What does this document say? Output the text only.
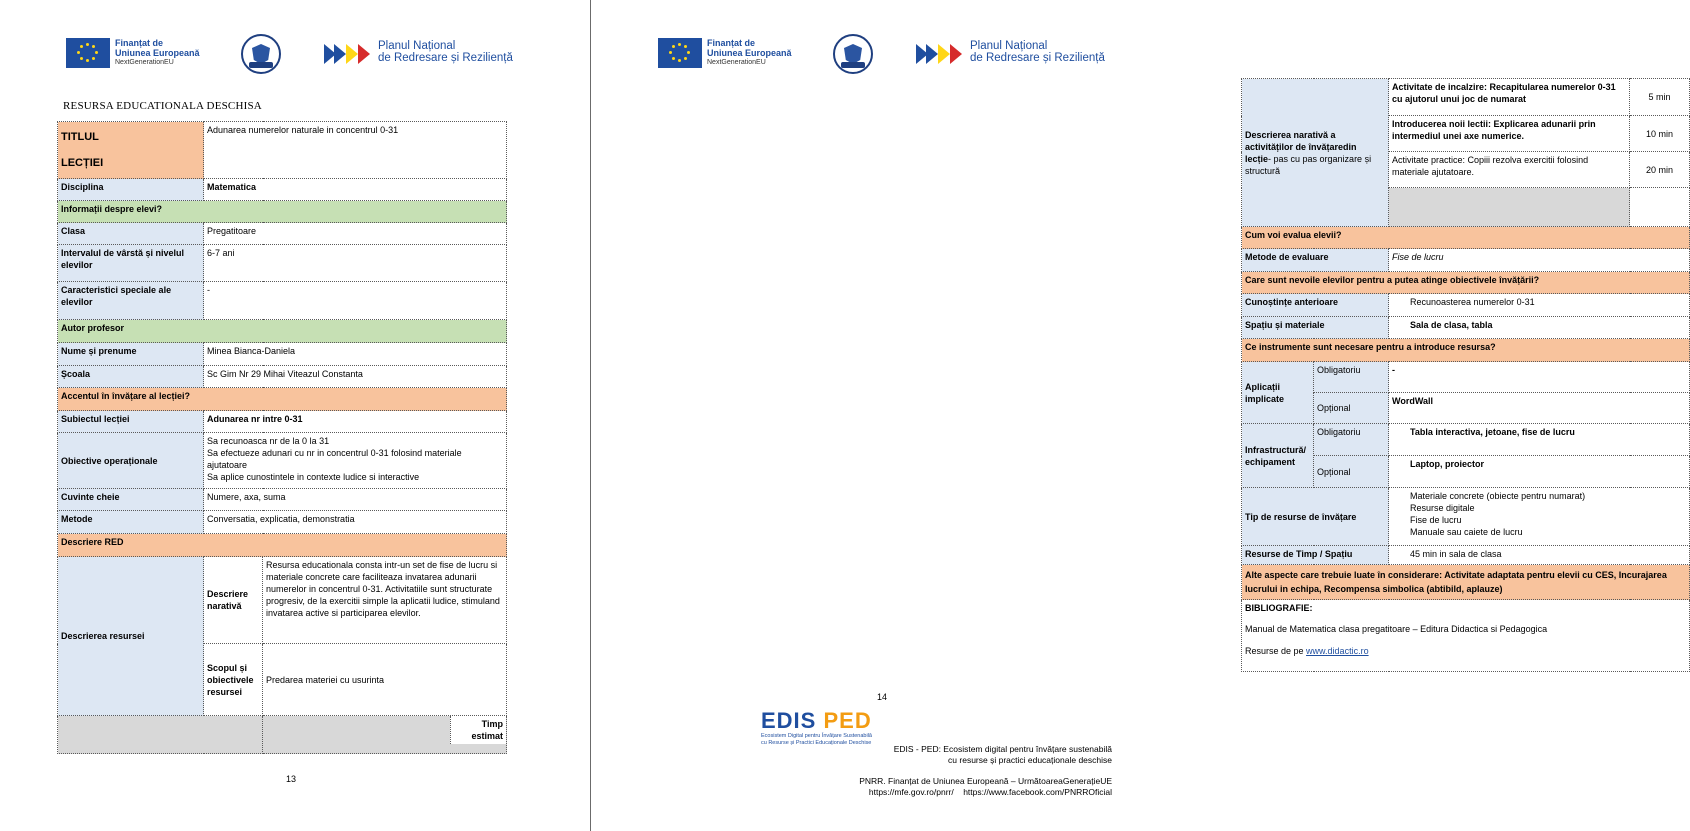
Finanțat de
Uniunea Europeană
NextGenerationEU
Planul Național
de Redresare și Reziliență
RESURSA EDUCATIONALA DESCHISA
TITLUL
LECȚIEI	Adunarea numerelor naturale in concentrul 0-31	
Disciplina	Matematica	
Informații despre elevi?		
Clasa	Pregatitoare	
Intervalul de vârstă și nivelul elevilor	6-7 ani	
Caracteristici speciale ale elevilor	-	
Autor profesor		
Nume și prenume	Minea Bianca-Daniela	
Școala	Sc Gim Nr 29 Mihai Viteazul Constanta	
Accentul în învățare al lecției?		
Subiectul lecției	Adunarea nr intre 0-31	
Obiective operaționale	Sa recunoasca nr de la 0 la 31
Sa efectueze adunari cu nr in concentrul 0-31 folosind materiale ajutatoare
Sa aplice cunostintele in contexte ludice si interactive	

Cuvinte cheie	Numere, axa, suma	
Metode	Conversatia, explicatia, demonstratia	
Descriere RED		
Descrierea resursei	Descriere narativă	Resursa educationala consta intr-un set de fise de lucru si materiale concrete care faciliteaza invatarea adunarii numerelor in concentrul 0-31. Activitatiile sunt structurate progresiv, de la exercitii simple la aplicatii ludice, stimuland invatarea active si participarea elevilor.
	Scopul și obiectivele resursei	Predarea materiei cu usurinta

		Timp estimat
13
Finanțat de
Uniunea Europeană
NextGenerationEU
Planul Național
de Redresare și Reziliență
Descrierea narativă a activităților de învățaredin lecție- pas cu pas organizare și structură		Activitate de incalzire: Recapitularea numerelor 0-31 cu ajutorul unui joc de numarat	5 min
		Introducerea noii lectii: Explicarea adunarii prin intermediul unei axe numerice.	10 min
		Activitate practice: Copiii rezolva exercitii folosind materiale ajutatoare.	20 min

Cum voi evalua elevii?			
Metode de evaluare		Fise de lucru	
Care sunt nevoile elevilor pentru a putea atinge obiectivele învățării?			
Cunoștințe anterioare		Recunoasterea numerelor 0-31	
Spațiu și materiale		Sala de clasa, tabla	
Ce instrumente sunt necesare pentru a introduce resursa?			
Aplicații implicate	Obligatoriu	-	
	Opțional	WordWall	
Infrastructură/ echipament	Obligatoriu	Tabla interactiva, jetoane, fise de lucru	
	Opțional	Laptop, proiector	
Tip de resurse de învățare		Materiale concrete (obiecte pentru numarat)
Resurse digitale
Fise de lucru
Manuale sau caiete de lucru	

Resurse de Timp / Spațiu		45 min in sala de clasa	
Alte aspecte care trebuie luate în considerare: Activitate adaptata pentru elevii cu CES, Incurajarea lucrului in echipa, Recompensa simbolica (abtibild, aplauze)			

BIBLIOGRAFIE:
Manual de Matematica clasa pregatitoare – Editura Didactica si Pedagogica
Resurse de pe www.didactic.ro			
14
EDIS PED
Ecosistem Digital pentru Învățare Sustenabilă
cu Resurse și Practici Educaționale Deschise
EDIS - PED: Ecosistem digital pentru învățare sustenabilă
cu resurse și practici educaționale deschise
PNRR. Finanțat de Uniunea Europeană – UrmătoareaGenerațieUE
https://mfe.gov.ro/pnrr/    https://www.facebook.com/PNRROficial
